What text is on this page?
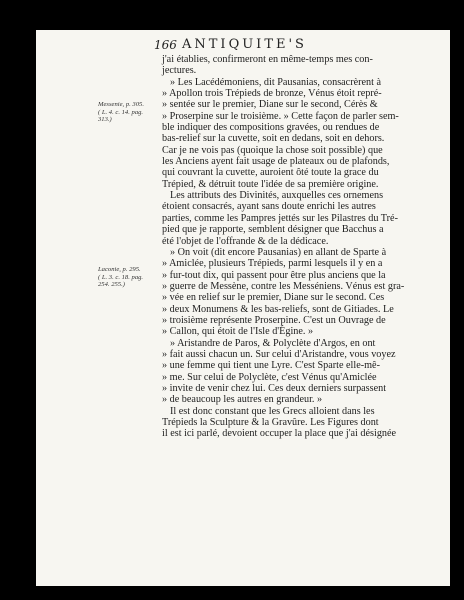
166 ANTIQUITE'S
Messenie, p. 305.
( L. 4. c. 14. pag.
313.)
Laconie, p. 295.
( L. 3. c. 18. pag.
254. 255.)
j'ai établies, confirmeront en même-temps mes con-
jectures.
» Les Lacédémoniens, dit Pausanias, consacrèrent à
» Apollon trois Trépieds de bronze, Vénus étoit repré-
» sentée sur le premier, Diane sur le second, Cérès &
» Proserpine sur le troisième. » Cette façon de parler sem-
ble indiquer des compositions gravées, ou rendues de
bas-relief sur la cuvette, soit en dedans, soit en dehors.
Car je ne vois pas (quoique la chose soit possible) que
les Anciens ayent fait usage de plateaux ou de plafonds,
qui couvrant la cuvette, auroient ôté toute la grace du
Trépied, & détruit toute l'idée de sa première origine.
Les attributs des Divinités, auxquelles ces ornemens
étoient consacrés, ayant sans doute enrichi les autres
parties, comme les Pampres jettés sur les Pilastres du Tré-
pied que je rapporte, semblent désigner que Bacchus a
été l'objet de l'offrande & de la dédicace.
» On voit (dit encore Pausanias) en allant de Sparte à
» Amiclée, plusieurs Trépieds, parmi lesquels il y en a
» fur-tout dix, qui passent pour être plus anciens que la
» guerre de Messène, contre les Messéniens. Vénus est gra-
» vée en relief sur le premier, Diane sur le second. Ces
» deux Monumens & les bas-reliefs, sont de Gitiades. Le
» troisième représente Proserpine. C'est un Ouvrage de
» Callon, qui étoit de l'Isle d'Égine. »
» Aristandre de Paros, & Polyclète d'Argos, en ont
» fait aussi chacun un. Sur celui d'Aristandre, vous voyez
» une femme qui tient une Lyre. C'est Sparte elle-mê-
» me. Sur celui de Polyclète, c'est Vénus qu'Amiclée
» invite de venir chez lui. Ces deux derniers surpassent
» de beaucoup les autres en grandeur. »
Il est donc constant que les Grecs alloient dans les
Trépieds la Sculpture & la Gravûre. Les Figures dont
il est ici parlé, devoient occuper la place que j'ai désignée
